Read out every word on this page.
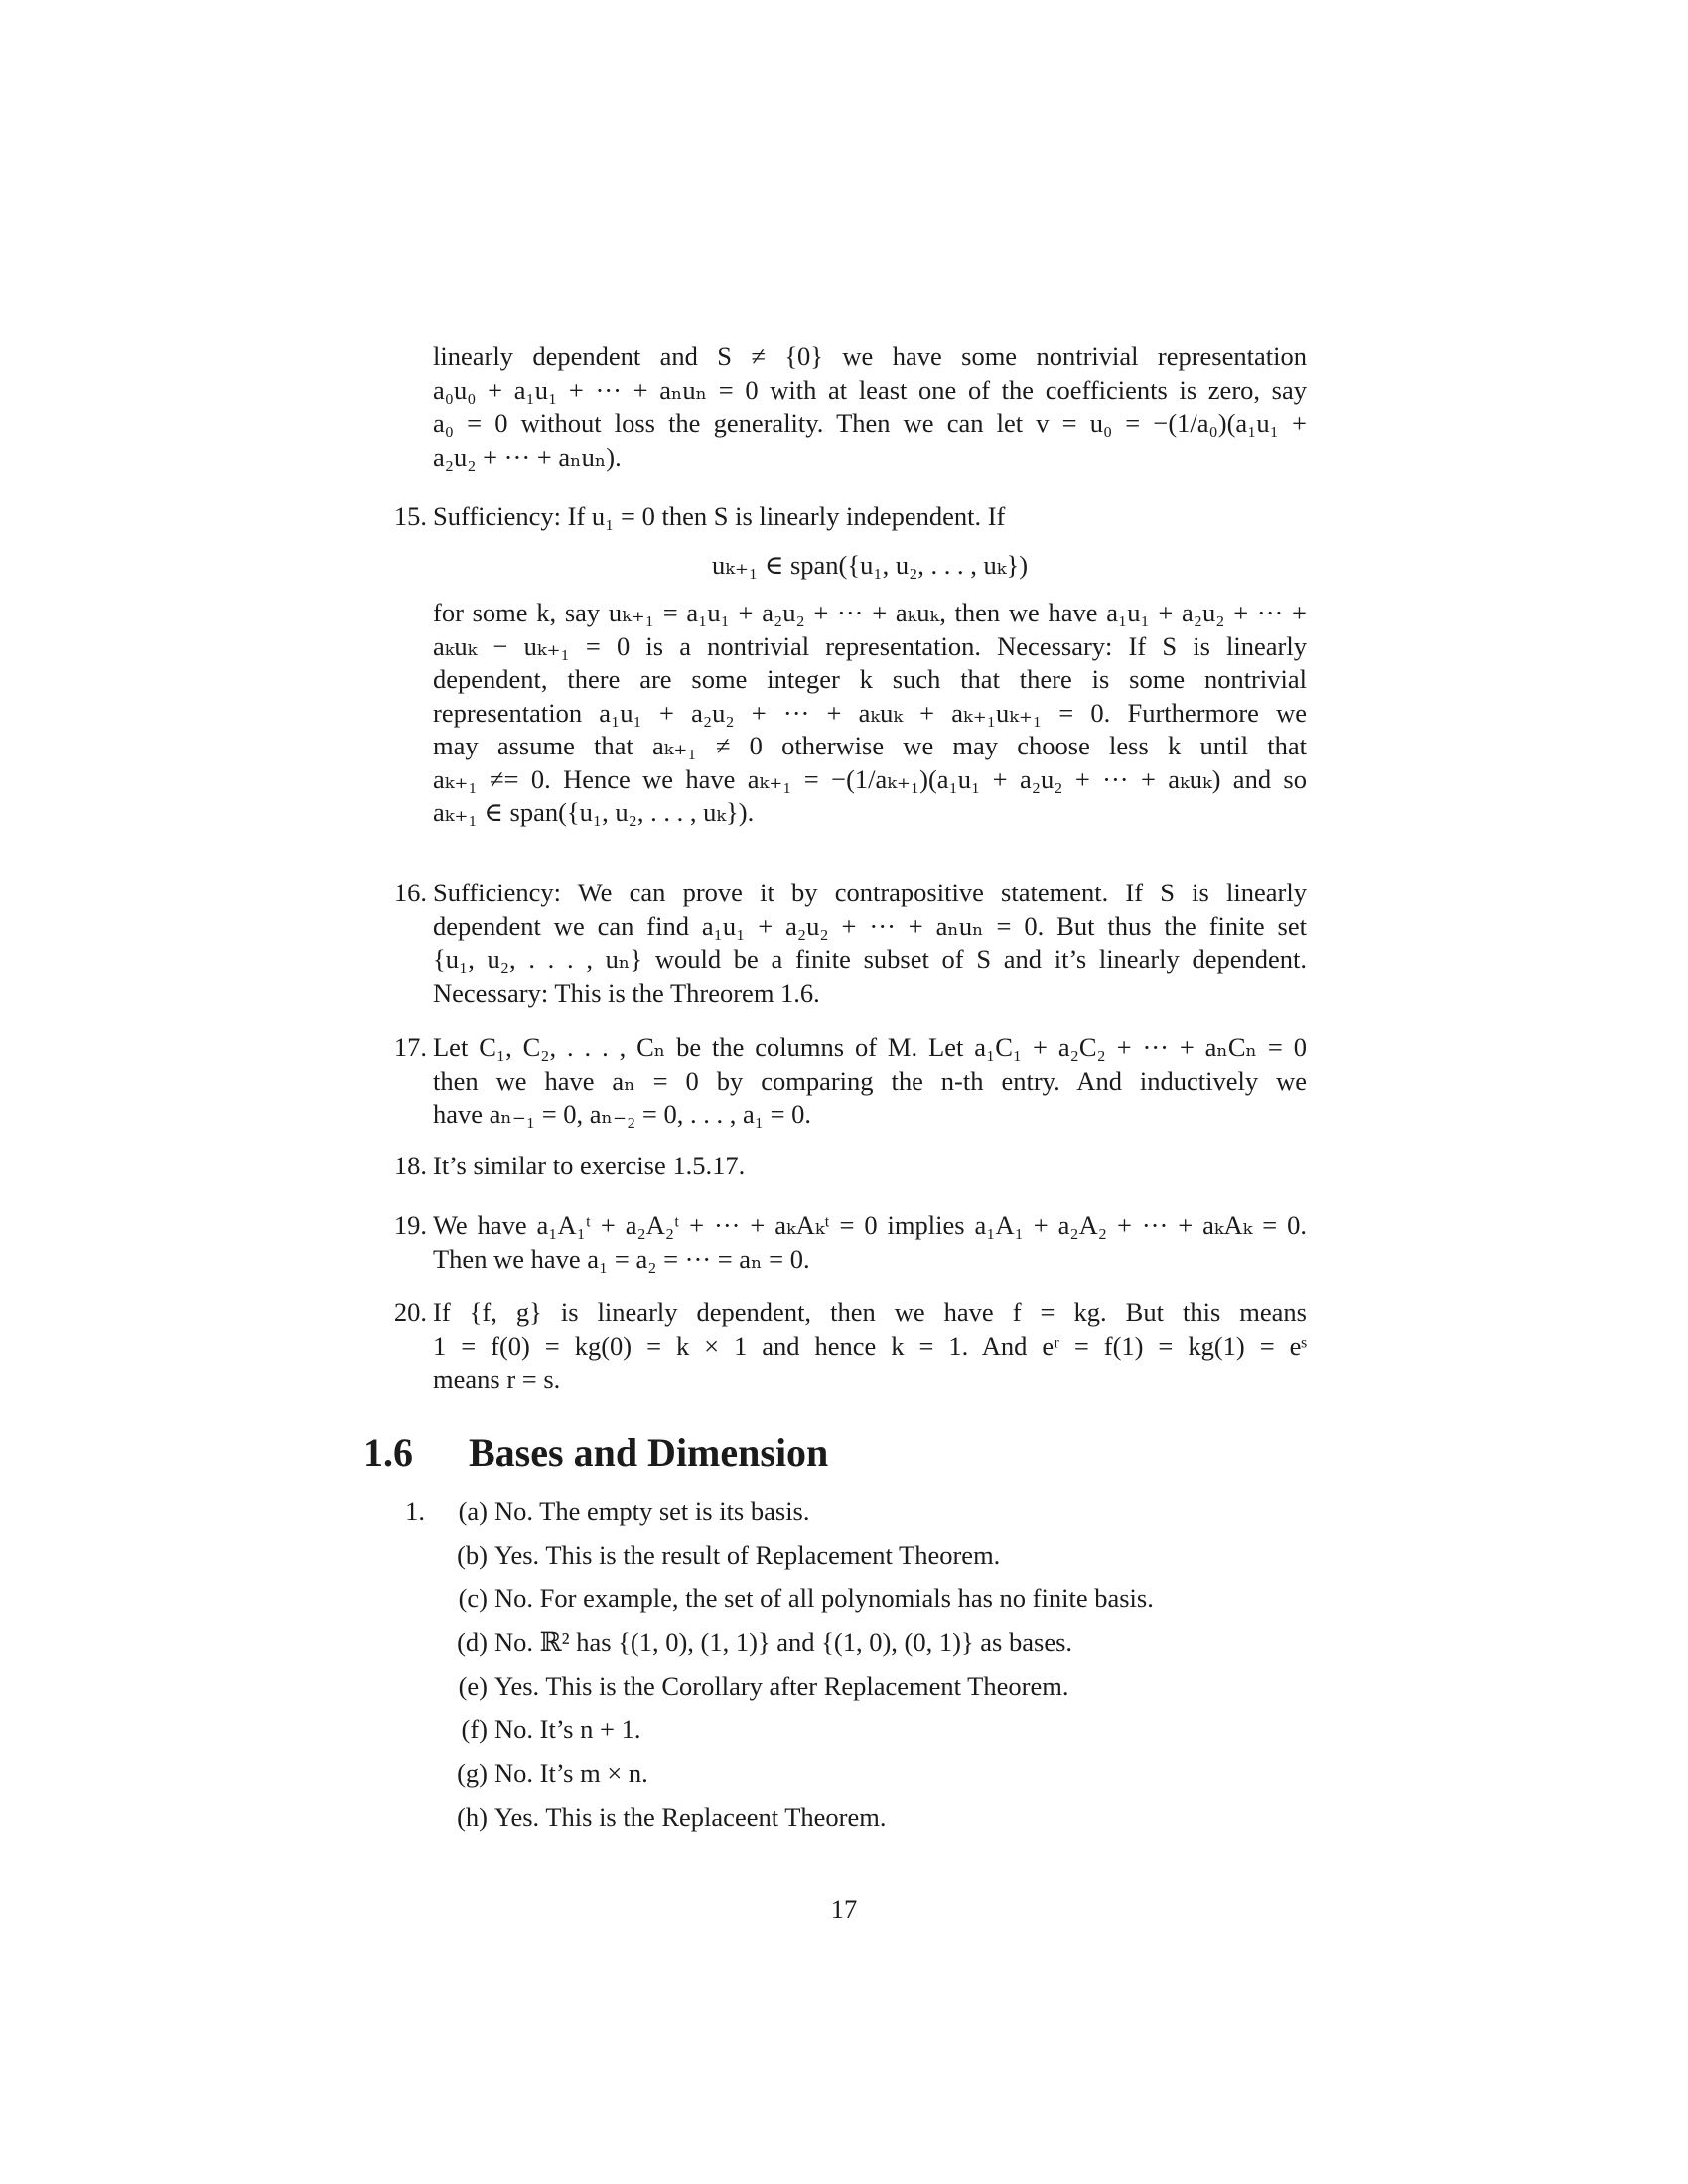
linearly dependent and S ≠ {0} we have some nontrivial representation
a₀u₀ + a₁u₁ + ··· + aₙuₙ = 0 with at least one of the coefficients is zero, say
a₀ = 0 without loss the generality. Then we can let v = u₀ = −(1/a₀)(a₁u₁ +
a₂u₂ + ··· + aₙuₙ).
15. Sufficiency: If u₁ = 0 then S is linearly independent. If
uₖ₊₁ ∈ span({u₁, u₂, . . . , uₖ})
for some k, say uₖ₊₁ = a₁u₁ + a₂u₂ + ··· + aₖuₖ, then we have a₁u₁ + a₂u₂ + ··· +
aₖuₖ − uₖ₊₁ = 0 is a nontrivial representation. Necessary: If S is linearly
dependent, there are some integer k such that there is some nontrivial
representation a₁u₁ + a₂u₂ + ··· + aₖuₖ + aₖ₊₁uₖ₊₁ = 0. Furthermore we
may assume that aₖ₊₁ ≠ 0 otherwise we may choose less k until that
aₖ₊₁ ≠= 0. Hence we have aₖ₊₁ = −(1/aₖ₊₁)(a₁u₁ + a₂u₂ + ··· + aₖuₖ) and so
aₖ₊₁ ∈ span({u₁, u₂, . . . , uₖ}).
16. Sufficiency: We can prove it by contrapositive statement. If S is linearly
dependent we can find a₁u₁ + a₂u₂ + ··· + aₙuₙ = 0. But thus the finite set
{u₁, u₂, . . . , uₙ} would be a finite subset of S and it’s linearly dependent.
Necessary: This is the Threorem 1.6.
17. Let C₁, C₂, . . . , Cₙ be the columns of M. Let a₁C₁ + a₂C₂ + ··· + aₙCₙ = 0
then we have aₙ = 0 by comparing the n-th entry. And inductively we
have aₙ₋₁ = 0, aₙ₋₂ = 0, . . . , a₁ = 0.
18. It’s similar to exercise 1.5.17.
19. We have a₁A₁ᵗ + a₂A₂ᵗ + ··· + aₖAₖᵗ = 0 implies a₁A₁ + a₂A₂ + ··· + aₖAₖ = 0.
Then we have a₁ = a₂ = ··· = aₙ = 0.
20. If {f, g} is linearly dependent, then we have f = kg. But this means
1 = f(0) = kg(0) = k × 1 and hence k = 1. And eʳ = f(1) = kg(1) = eˢ
means r = s.
1.6 Bases and Dimension
1.	(a) No. The empty set is its basis.
(b) Yes. This is the result of Replacement Theorem.
(c) No. For example, the set of all polynomials has no finite basis.
(d) No. ℝ² has {(1, 0), (1, 1)} and {(1, 0), (0, 1)} as bases.
(e) Yes. This is the Corollary after Replacement Theorem.
(f) No. It’s n + 1.
(g) No. It’s m × n.
(h) Yes. This is the Replaceent Theorem.
17
